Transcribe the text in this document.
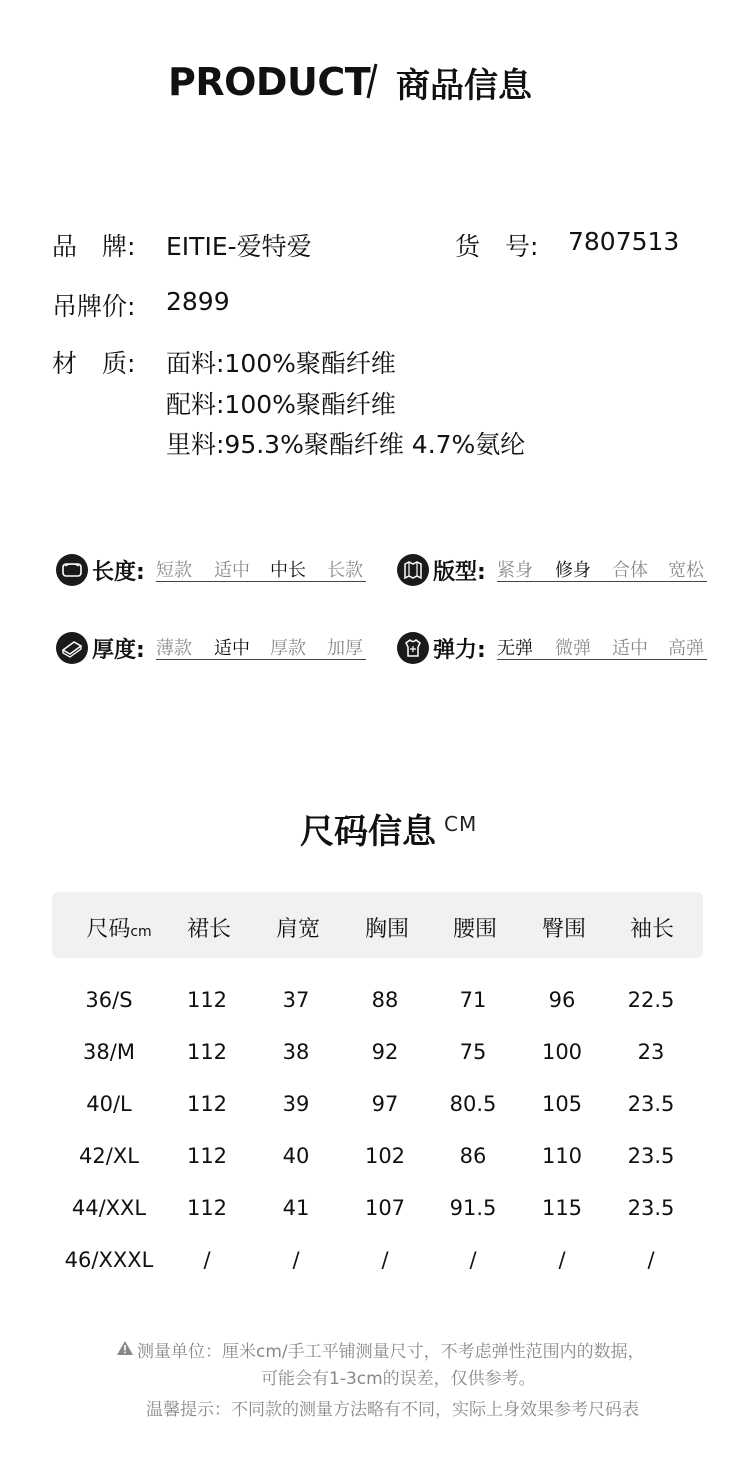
PRODUCT 商品信息
品　牌: EITIE-爱特爱	货　号: 7807513
吊牌价: 2899
材　质: 面料:100%聚酯纤维
配料:100%聚酯纤维
里料:95.3%聚酯纤维 4.7%氨纶
长度: 短款 适中 中长 长款	版型: 紧身 修身 合体 宽松
厚度: 薄款 适中 厚款 加厚	弹力: 无弹 微弹 适中 高弹
尺码信息 CM
尺码cm	裙长	肩宽	胸围	腰围	臀围	袖长
36/S	112	37	88	71	96	22.5
38/M	112	38	92	75	100	23
40/L	112	39	97	80.5	105	23.5
42/XL	112	40	102	86	110	23.5
44/XXL	112	41	107	91.5	115	23.5
46/XXXL	/	/	/	/	/	/
测量单位：厘米cm/手工平铺测量尺寸，不考虑弹性范围内的数据，
可能会有1-3cm的误差，仅供参考。
温馨提示：不同款的测量方法略有不同，实际上身效果参考尺码表
